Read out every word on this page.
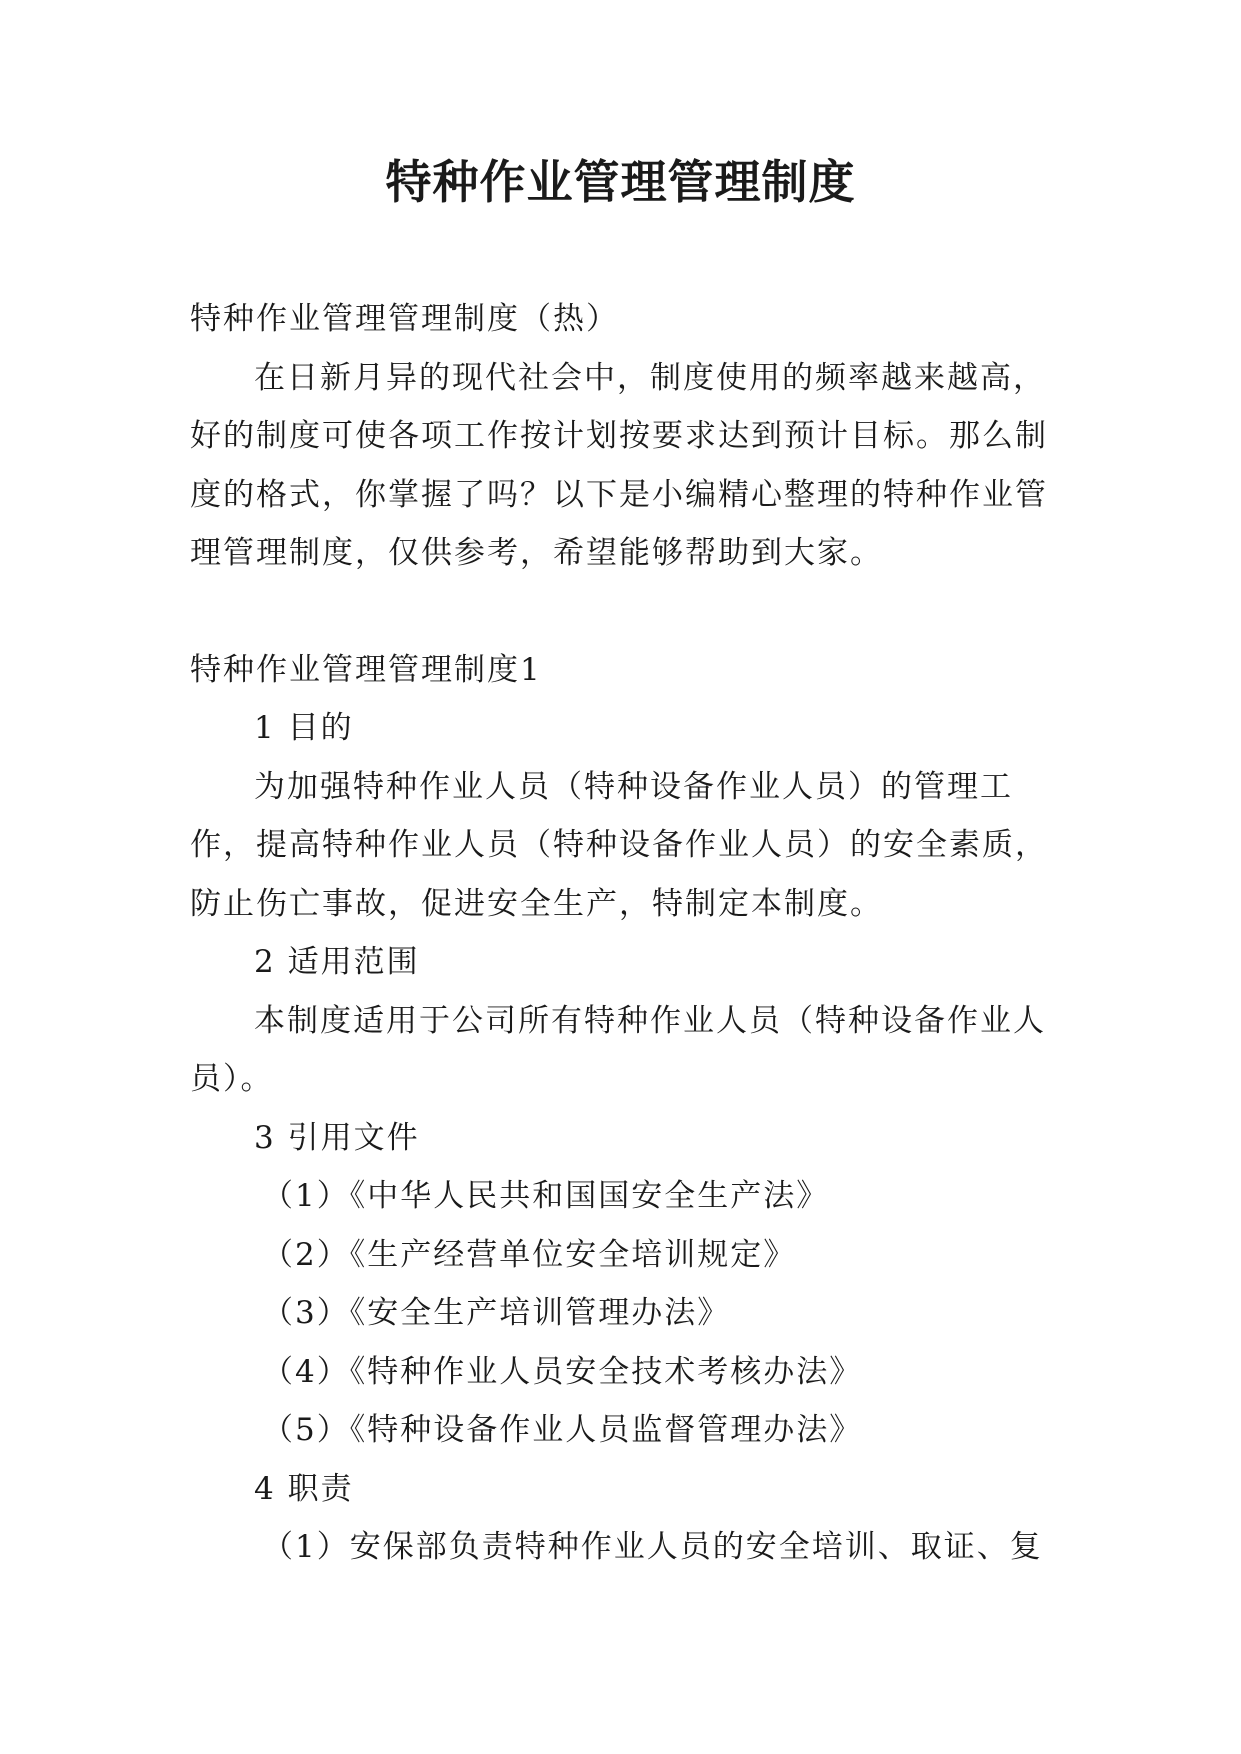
特种作业管理管理制度

特种作业管理管理制度（热）

在日新月异的现代社会中，制度使用的频率越来越高，好的制度可使各项工作按计划按要求达到预计目标。那么制度的格式，你掌握了吗？以下是小编精心整理的特种作业管理管理制度，仅供参考，希望能够帮助到大家。

特种作业管理管理制度1

1 目的

为加强特种作业人员（特种设备作业人员）的管理工作，提高特种作业人员（特种设备作业人员）的安全素质，防止伤亡事故，促进安全生产，特制定本制度。

2 适用范围

本制度适用于公司所有特种作业人员（特种设备作业人员）。

3 引用文件

（1）《中华人民共和国国安全生产法》

（2）《生产经营单位安全培训规定》

（3）《安全生产培训管理办法》

（4）《特种作业人员安全技术考核办法》

（5）《特种设备作业人员监督管理办法》

4 职责

（1）安保部负责特种作业人员的安全培训、取证、复
